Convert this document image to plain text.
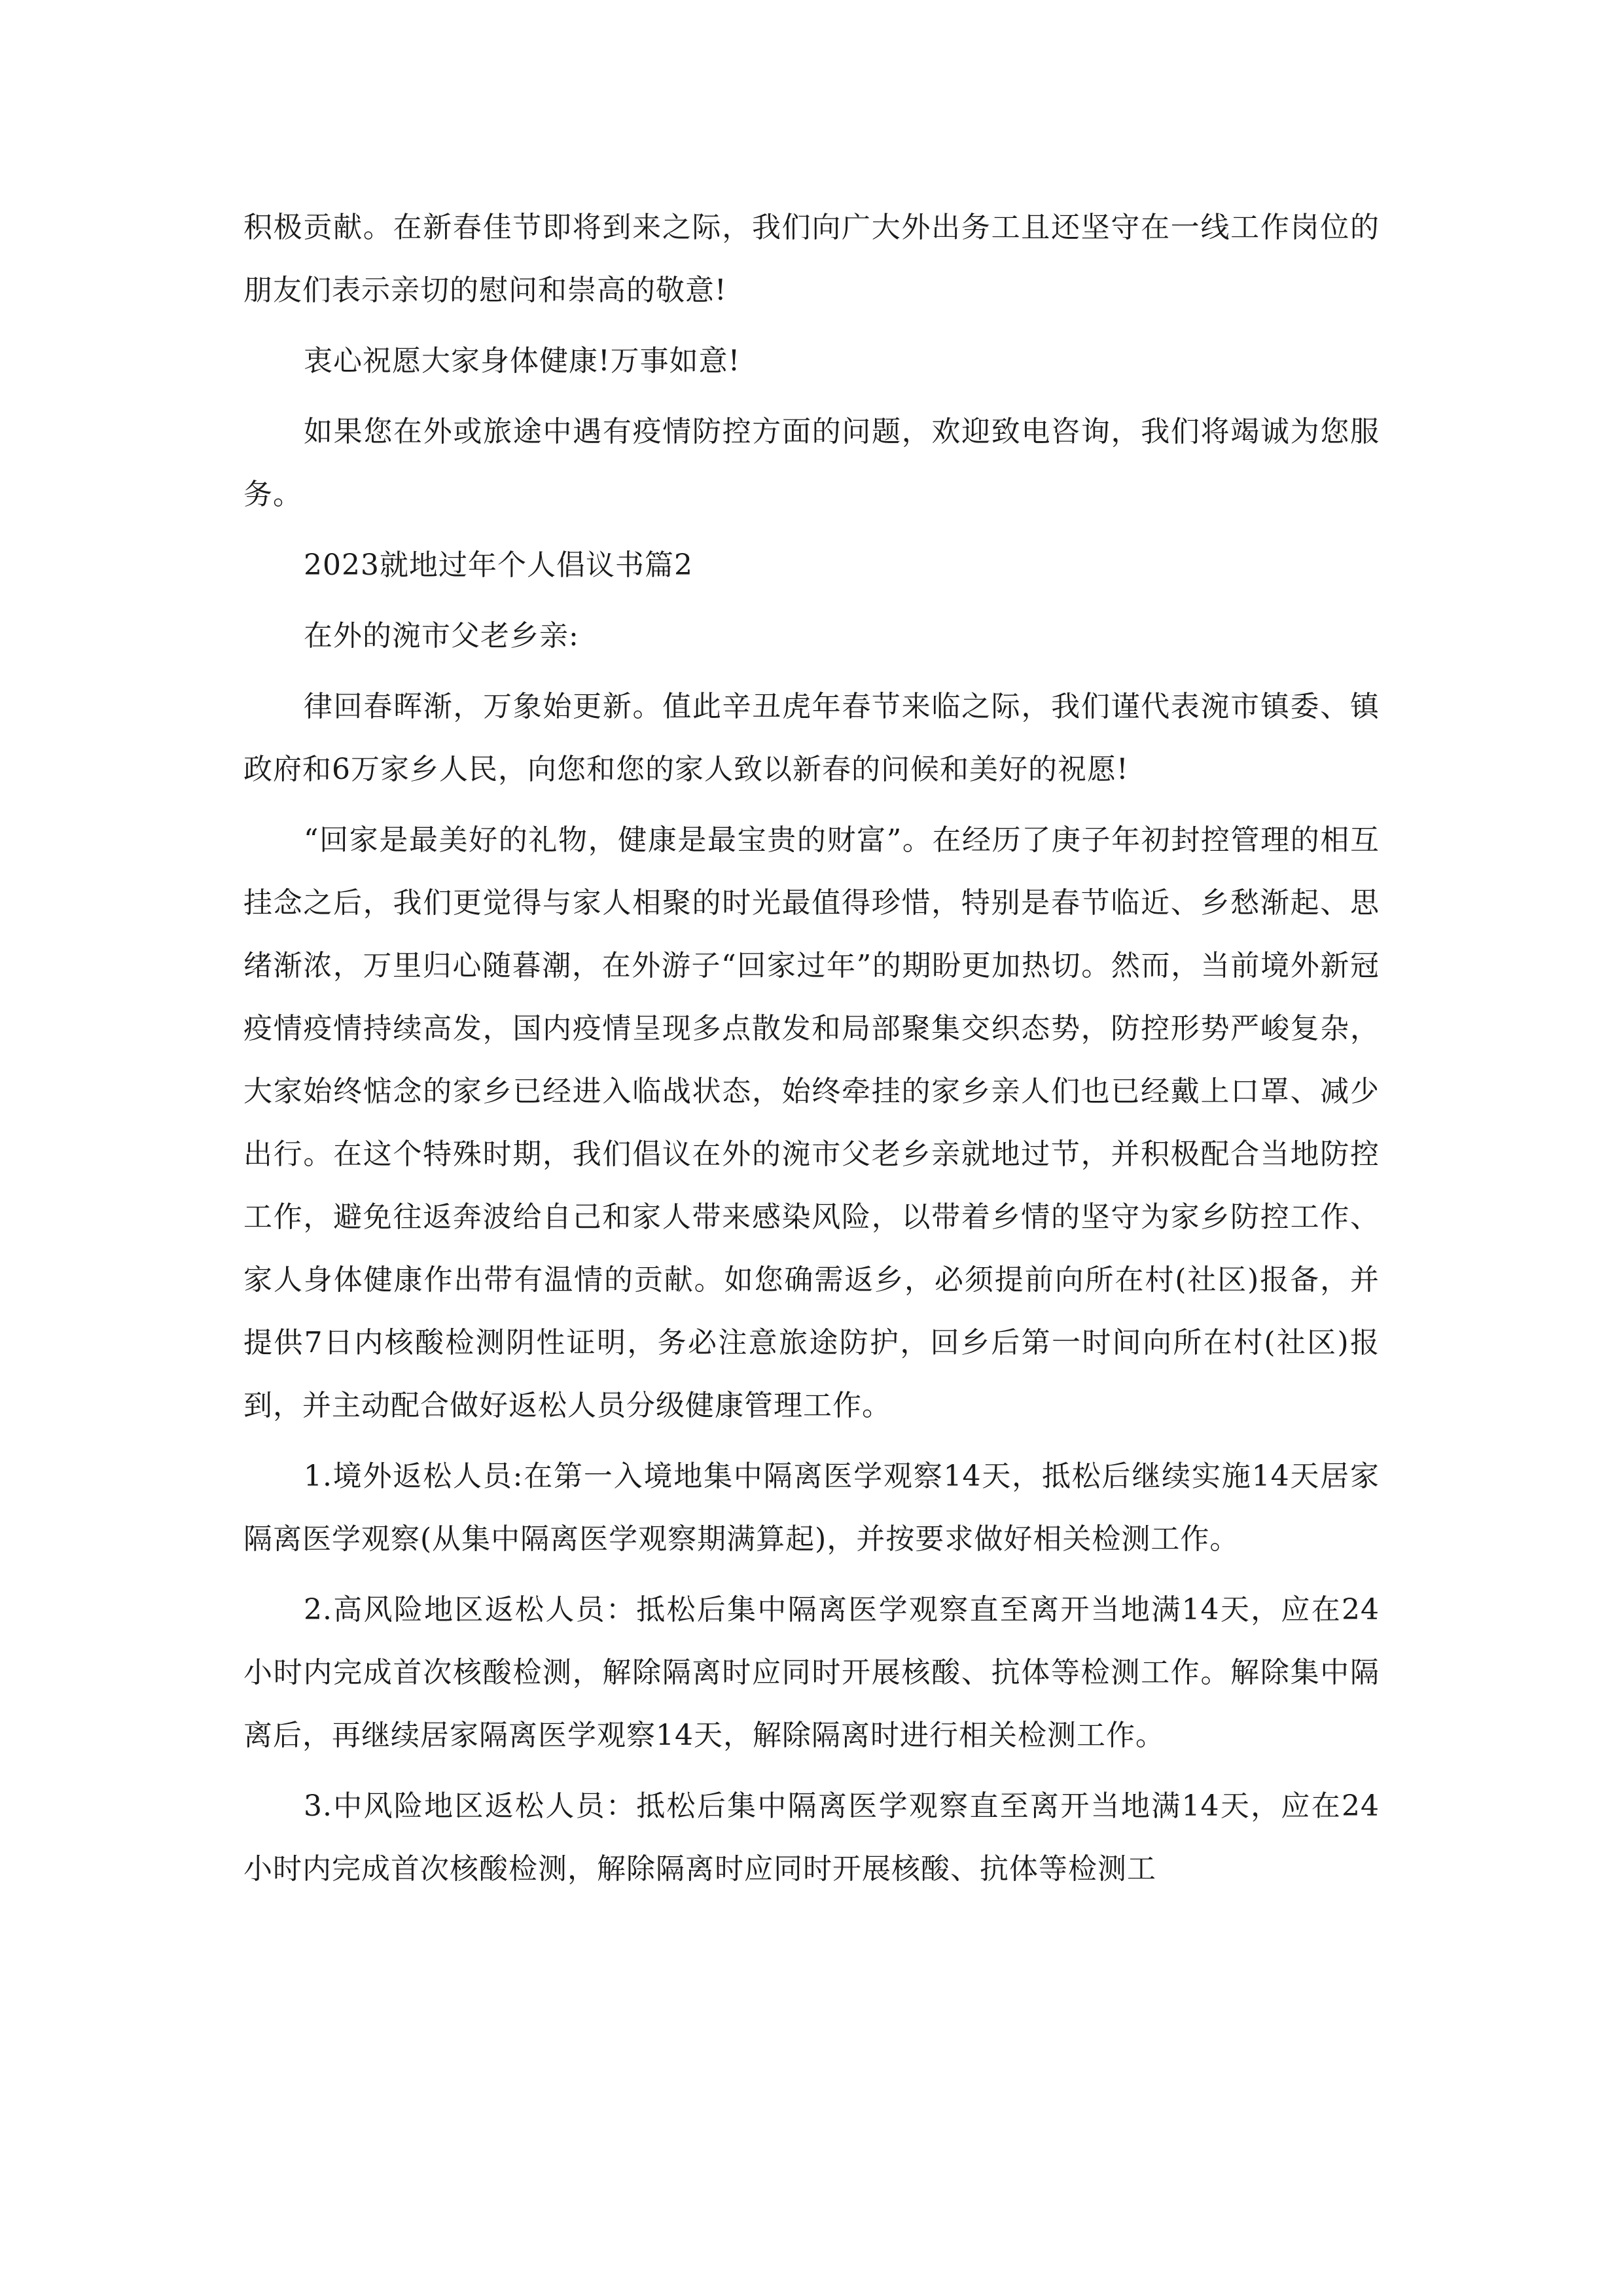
积极贡献。在新春佳节即将到来之际，我们向广大外出务工且还坚守在一线工作岗位的朋友们表示亲切的慰问和崇高的敬意!

衷心祝愿大家身体健康!万事如意!

如果您在外或旅途中遇有疫情防控方面的问题，欢迎致电咨询，我们将竭诚为您服务。

2023就地过年个人倡议书篇2

在外的涴市父老乡亲:

律回春晖渐，万象始更新。值此辛丑虎年春节来临之际，我们谨代表涴市镇委、镇政府和6万家乡人民，向您和您的家人致以新春的问候和美好的祝愿!

“回家是最美好的礼物，健康是最宝贵的财富”。在经历了庚子年初封控管理的相互挂念之后，我们更觉得与家人相聚的时光最值得珍惜，特别是春节临近、乡愁渐起、思绪渐浓，万里归心随暮潮，在外游子“回家过年”的期盼更加热切。然而，当前境外新冠疫情疫情持续高发，国内疫情呈现多点散发和局部聚集交织态势，防控形势严峻复杂，大家始终惦念的家乡已经进入临战状态，始终牵挂的家乡亲人们也已经戴上口罩、减少出行。在这个特殊时期，我们倡议在外的涴市父老乡亲就地过节，并积极配合当地防控工作，避免往返奔波给自己和家人带来感染风险，以带着乡情的坚守为家乡防控工作、家人身体健康作出带有温情的贡献。如您确需返乡，必须提前向所在村(社区)报备，并提供7日内核酸检测阴性证明，务必注意旅途防护，回乡后第一时间向所在村(社区)报到，并主动配合做好返松人员分级健康管理工作。

1.境外返松人员:在第一入境地集中隔离医学观察14天，抵松后继续实施14天居家隔离医学观察(从集中隔离医学观察期满算起)，并按要求做好相关检测工作。

2.高风险地区返松人员：抵松后集中隔离医学观察直至离开当地满14天，应在24小时内完成首次核酸检测，解除隔离时应同时开展核酸、抗体等检测工作。解除集中隔离后，再继续居家隔离医学观察14天，解除隔离时进行相关检测工作。

3.中风险地区返松人员：抵松后集中隔离医学观察直至离开当地满14天，应在24小时内完成首次核酸检测，解除隔离时应同时开展核酸、抗体等检测工
